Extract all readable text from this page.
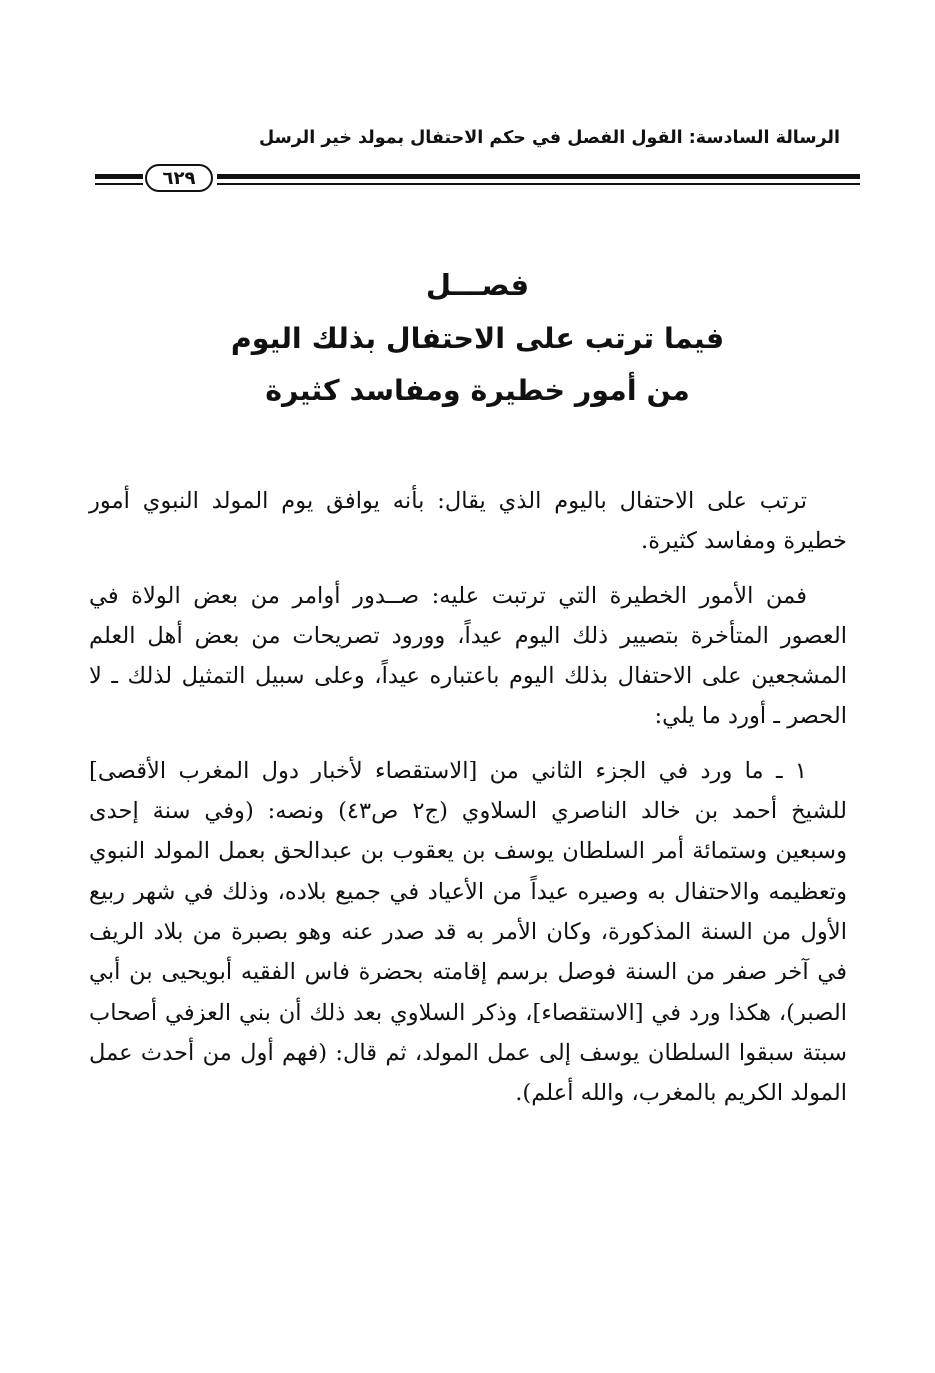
الرسالة السادسة: القول الفصل في حكم الاحتفال بمولد خير الرسل
٦٢٩
فصـــل
فيما ترتب على الاحتفال بذلك اليوم
من أمور خطيرة ومفاسد كثيرة

ترتب على الاحتفال باليوم الذي يقال: بأنه يوافق يوم المولد النبوي أمور خطيرة ومفاسد كثيرة.

فمن الأمور الخطيرة التي ترتبت عليه: صــدور أوامر من بعض الولاة في العصور المتأخرة بتصيير ذلك اليوم عيداً، وورود تصريحات من بعض أهل العلم المشجعين على الاحتفال بذلك اليوم باعتباره عيداً، وعلى سبيل التمثيل لذلك ـ لا الحصر ـ أورد ما يلي:

١ ـ ما ورد في الجزء الثاني من [الاستقصاء لأخبار دول المغرب الأقصى] للشيخ أحمد بن خالد الناصري السلاوي (ج٢ ص٤٣) ونصه: (وفي سنة إحدى وسبعين وستمائة أمر السلطان يوسف بن يعقوب بن عبدالحق بعمل المولد النبوي وتعظيمه والاحتفال به وصيره عيداً من الأعياد في جميع بلاده، وذلك في شهر ربيع الأول من السنة المذكورة، وكان الأمر به قد صدر عنه وهو بصبرة من بلاد الريف في آخر صفر من السنة فوصل برسم إقامته بحضرة فاس الفقيه أبويحيى بن أبي الصبر)، هكذا ورد في [الاستقصاء]، وذكر السلاوي بعد ذلك أن بني العزفي أصحاب سبتة سبقوا السلطان يوسف إلى عمل المولد، ثم قال: (فهم أول من أحدث عمل المولد الكريم بالمغرب، والله أعلم).
